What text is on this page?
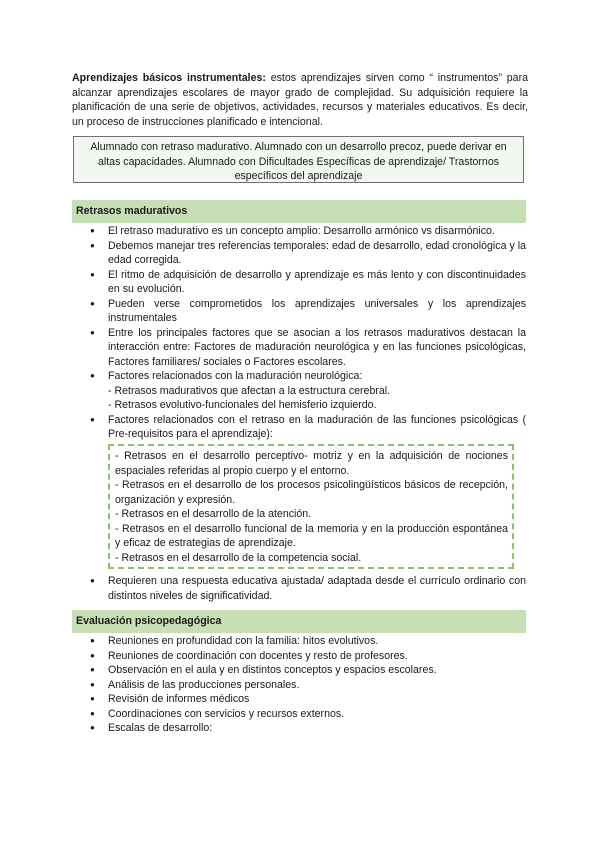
Aprendizajes básicos instrumentales: estos aprendizajes sirven como “ instrumentos” para alcanzar aprendizajes escolares de mayor grado de complejidad. Su adquisición requiere la planificación de una serie de objetivos, actividades, recursos y materiales educativos. Es decir, un proceso de instrucciones planificado e intencional.

Alumnado con retraso madurativo. Alumnado con un desarrollo precoz, puede derivar en altas capacidades. Alumnado con Dificultades Específicas de aprendizaje/ Trastornos específicos del aprendizaje

Retrasos madurativos
● El retraso madurativo es un concepto amplio: Desarrollo armónico vs disarmónico.
● Debemos manejar tres referencias temporales: edad de desarrollo, edad cronológica y la edad corregida.
● El ritmo de adquisición de desarrollo y aprendizaje es más lento y con discontinuidades en su evolución.
● Pueden verse comprometidos los aprendizajes universales y los aprendizajes instrumentales
● Entre los principales factores que se asocian a los retrasos madurativos destacan la interacción entre: Factores de maduración neurológica y en las funciones psicológicas, Factores familiares/ sociales o Factores escolares.
● Factores relacionados con la maduración neurológica:
- Retrasos madurativos que afectan a la estructura cerebral.
- Retrasos evolutivo-funcionales del hemisferio izquierdo.
● Factores relacionados con el retraso en la maduración de las funciones psicológicas ( Pre-requisitos para el aprendizaje):
- Retrasos en el desarrollo perceptivo- motriz y en la adquisición de nociones espaciales referidas al propio cuerpo y el entorno.
- Retrasos en el desarrollo de los procesos psicolingüísticos básicos de recepción, organización y expresión.
- Retrasos en el desarrollo de la atención.
- Retrasos en el desarrollo funcional de la memoria y en la producción espontánea y eficaz de estrategias de aprendizaje.
- Retrasos en el desarrollo de la competencia social.
● Requieren una respuesta educativa ajustada/ adaptada desde el currículo ordinario con distintos niveles de significatividad.
Evaluación psicopedagógica
● Reuniones en profundidad con la familia: hitos evolutivos.
● Reuniones de coordinación con docentes y resto de profesores.
● Observación en el aula y en distintos conceptos y espacios escolares.
● Análisis de las producciones personales.
● Revisión de informes médicos
● Coordinaciones con servicios y recursos externos.
● Escalas de desarrollo:
